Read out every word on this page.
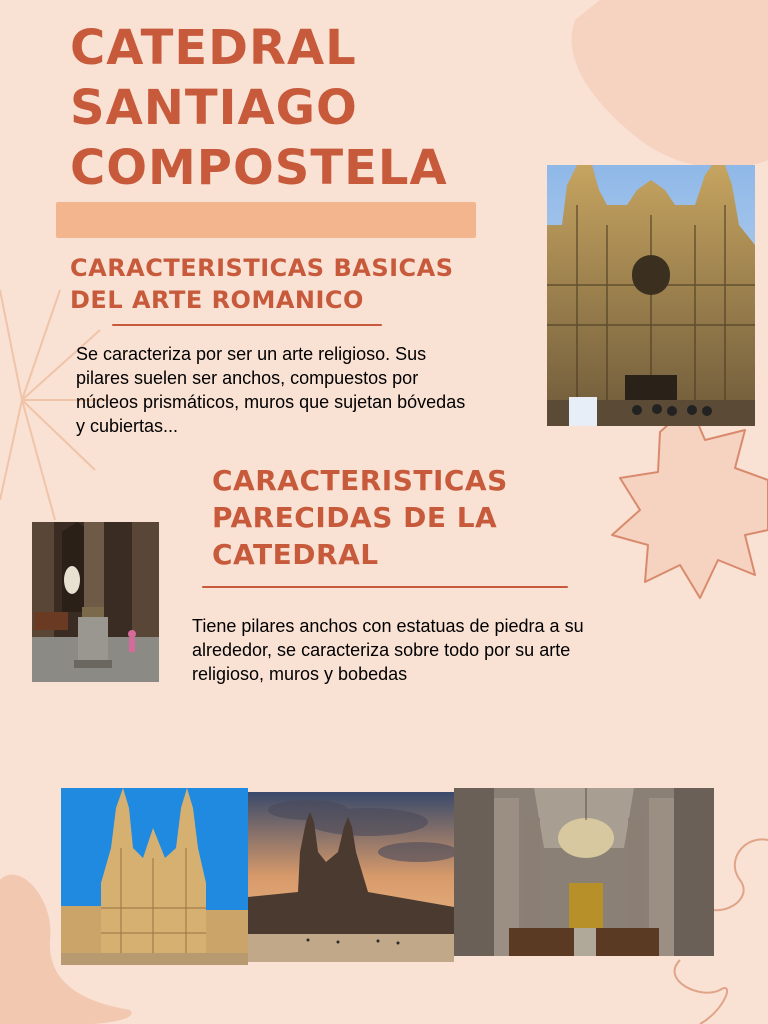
CATEDRAL
SANTIAGO
COMPOSTELA
CARACTERISTICAS BASICAS DEL ARTE ROMANICO

Se caracteriza por ser un arte religioso. Sus pilares suelen ser anchos, compuestos por núcleos prismáticos, muros que sujetan bóvedas y cubiertas...

CARACTERISTICAS PARECIDAS DE LA CATEDRAL

Tiene pilares anchos con estatuas de piedra a su alrededor, se caracteriza sobre todo por su arte religioso, muros y bobedas
